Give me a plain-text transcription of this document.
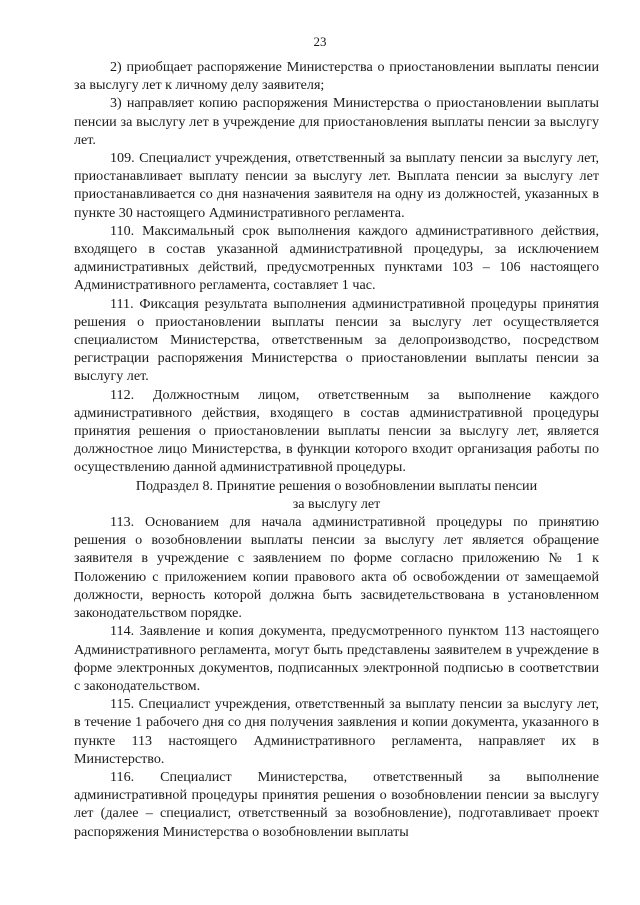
23

2) приобщает распоряжение Министерства о приостановлении выплаты пенсии за выслугу лет к личному делу заявителя;

3) направляет копию распоряжения Министерства о приостановлении выплаты пенсии за выслугу лет в учреждение для приостановления выплаты пенсии за выслугу лет.

109. Специалист учреждения, ответственный за выплату пенсии за выслугу лет, приостанавливает выплату пенсии за выслугу лет. Выплата пенсии за выслугу лет приостанавливается со дня назначения заявителя на одну из должностей, указанных в пункте 30 настоящего Административного регламента.

110. Максимальный срок выполнения каждого административного действия, входящего в состав указанной административной процедуры, за исключением административных действий, предусмотренных пунктами 103 – 106 настоящего Административного регламента, составляет 1 час.

111. Фиксация результата выполнения административной процедуры принятия решения о приостановлении выплаты пенсии за выслугу лет осуществляется специалистом Министерства, ответственным за делопроизводство, посредством регистрации распоряжения Министерства о приостановлении выплаты пенсии за выслугу лет.

112. Должностным лицом, ответственным за выполнение каждого административного действия, входящего в состав административной процедуры принятия решения о приостановлении выплаты пенсии за выслугу лет, является должностное лицо Министерства, в функции которого входит организация работы по осуществлению данной административной процедуры.

Подраздел 8. Принятие решения о возобновлении выплаты пенсии
за выслугу лет

113. Основанием для начала административной процедуры по принятию решения о возобновлении выплаты пенсии за выслугу лет является обращение заявителя в учреждение с заявлением по форме согласно приложению № 1 к Положению с приложением копии правового акта об освобождении от замещаемой должности, верность которой должна быть засвидетельствована в установленном законодательством порядке.

114. Заявление и копия документа, предусмотренного пунктом 113 настоящего Административного регламента, могут быть представлены заявителем в учреждение в форме электронных документов, подписанных электронной подписью в соответствии с законодательством.

115. Специалист учреждения, ответственный за выплату пенсии за выслугу лет, в течение 1 рабочего дня со дня получения заявления и копии документа, указанного в пункте 113 настоящего Административного регламента, направляет их в Министерство.

116. Специалист Министерства, ответственный за выполнение административной процедуры принятия решения о возобновлении пенсии за выслугу лет (далее – специалист, ответственный за возобновление), подготавливает проект распоряжения Министерства о возобновлении выплаты
